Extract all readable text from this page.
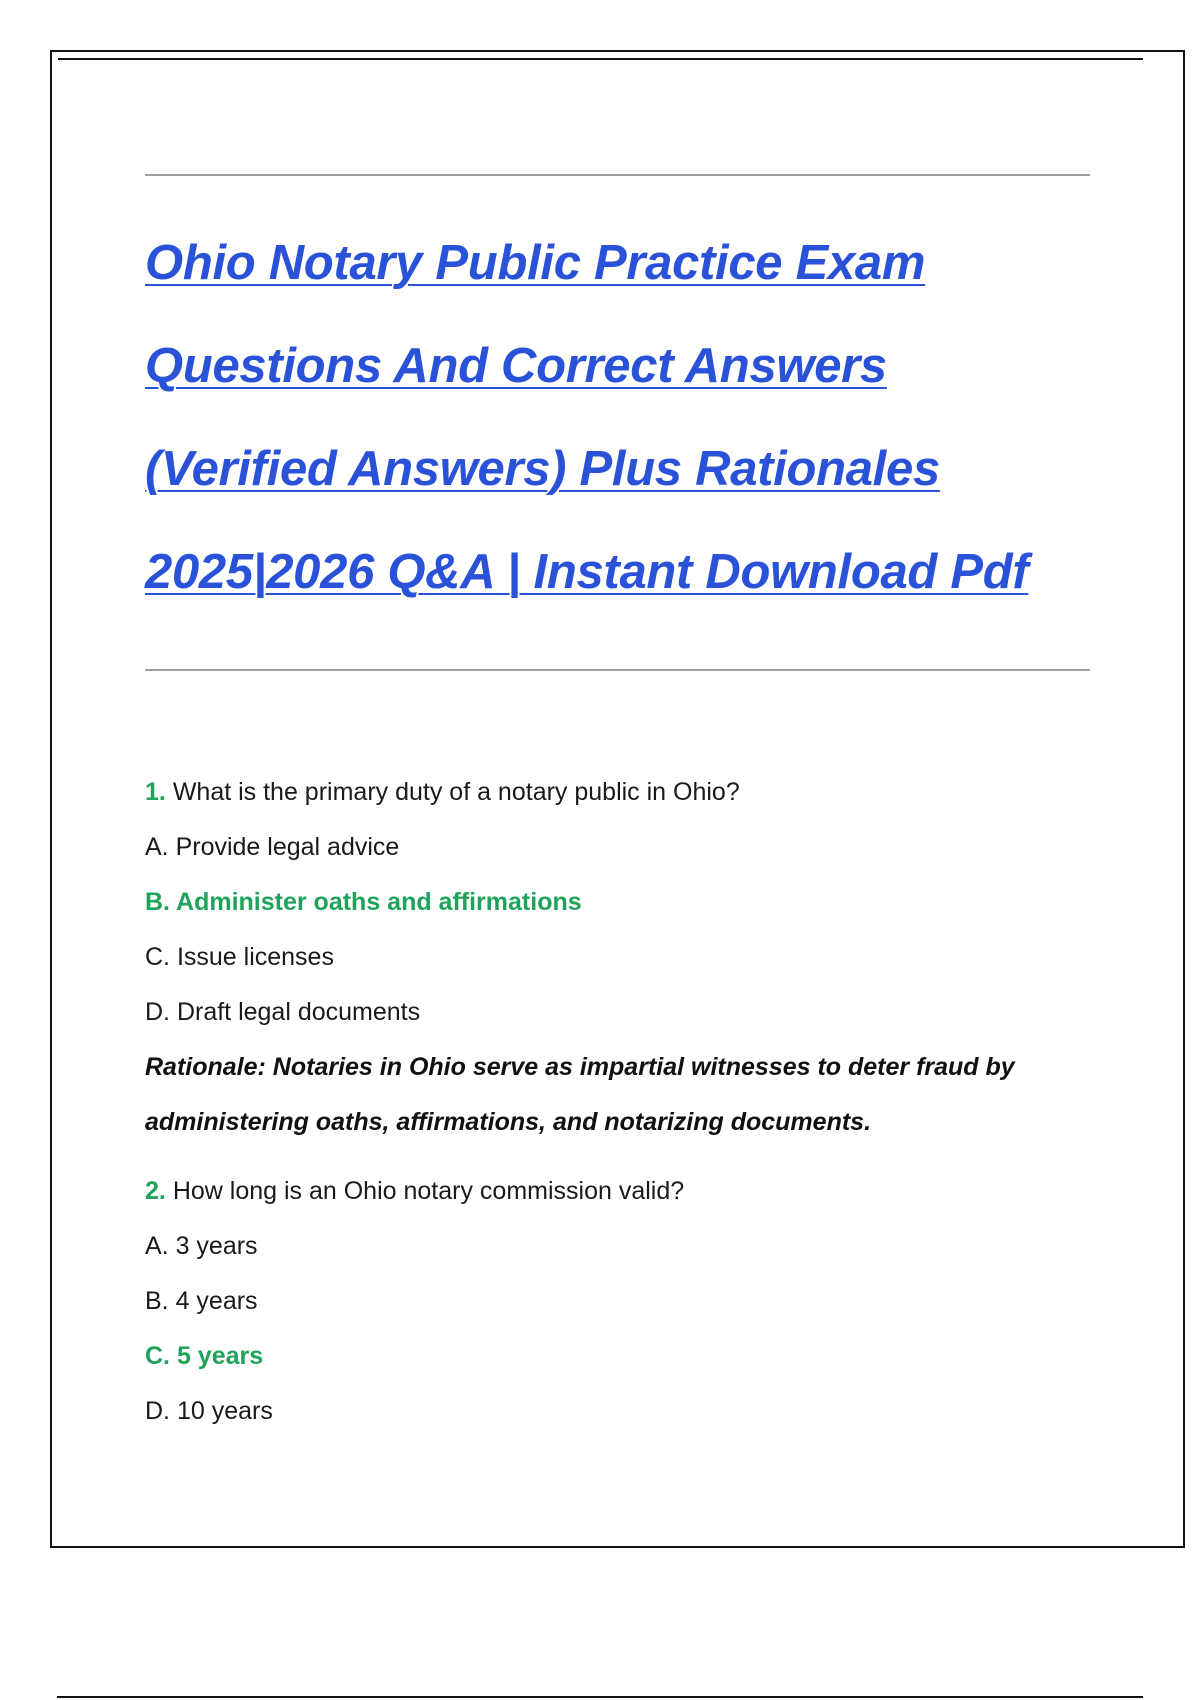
Ohio Notary Public Practice Exam
Questions And Correct Answers
(Verified Answers) Plus Rationales
2025|2026 Q&A | Instant Download Pdf
1. What is the primary duty of a notary public in Ohio?
A. Provide legal advice
B. Administer oaths and affirmations
C. Issue licenses
D. Draft legal documents
Rationale: Notaries in Ohio serve as impartial witnesses to deter fraud by
administering oaths, affirmations, and notarizing documents.
2. How long is an Ohio notary commission valid?
A. 3 years
B. 4 years
C. 5 years
D. 10 years
